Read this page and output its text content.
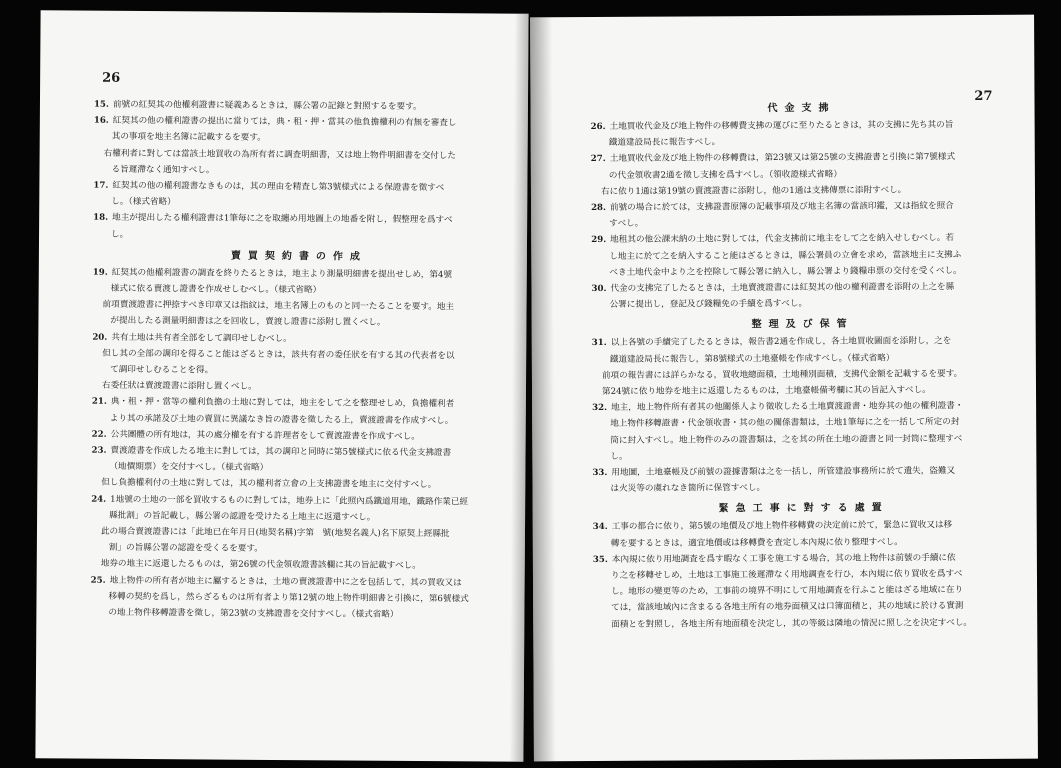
26
15. 前號の紅契其の他權利證書に疑義あるときは，縣公署の記錄と對照するを要す。
16. 紅契其の他の權利證書の提出に當りては，典・租・押・當其の他負擔權利の有無を審査し
其の事項を地主名簿に記載するを要す。
右權利者に對しては當該土地買收の為所有者に調査明細書，又は地上物件明細書を交付した
る旨遲滯なく通知すべし。
17. 紅契其の他の權利證書なきものは，其の理由を精査し第3號様式による保證書を徵すべ
し。（様式省略）
18. 地主が提出したる權利證書は1筆毎に之を取纏め用地圖上の地番を附し，假整理を爲すべ
し。
賣買契約書の作成
19. 紅契其の他權利證書の調査を終りたるときは，地主より測量明細書を提出せしめ，第4號
様式に依る賣渡し證書を作成せしむべし。（様式省略）
前項賣渡證書に押捺すべき印章又は指紋は，地主名簿上のものと同一たることを要す。地主
が提出したる測量明細書は之を回收し，賣渡し證書に添附し置くべし。
20. 共有土地は共有者全部をして調印せしむべし。
但し其の全部の調印を得ること能はざるときは，該共有者の委任狀を有する其の代表者を以
て調印せしむることを得。
右委任狀は賣渡證書に添附し置くべし。
21. 典・租・押・當等の權利負擔の土地に對しては，地主をして之を整理せしめ，負擔權利者
より其の承諾及び土地の賣買に異議なき旨の證書を徵したる上，賣渡證書を作成すべし。
22. 公共團體の所有地は，其の處分權を有する許理者をして賣渡證書を作成すべし。
23. 賣渡證書を作成したる地主に對しては，其の調印と同時に第5號様式に依る代金支拂證書
（地價期票）を交付すべし。（様式省略）
但し負擔權利付の土地に對しては，其の權利者立會の上支拂證書を地主に交付すべし。
24. 1地號の土地の一部を買收するものに對しては，地券上に「此照內爲鐵道用地，鐵路作業已經
縣批割」の旨記載し，縣公署の認證を受けたる上地主に返還すべし。
此の場合賣渡證書には「此地已在年月日(地契名稱)字第　號(地契名義人)名下原契上經縣批
割」の旨縣公署の認證を受くるを要す。
地券の地主に返還したるものは，第26號の代金領收證書該欄に其の旨記載すべし。
25. 地上物件の所有者が地主に屬するときは，土地の賣渡證書中に之を包括して，其の買收又は
移轉の契約を爲し，然らざるものは所有者より第12號の地上物件明細書と引換に，第6號様式
の地上物件移轉證書を徵し，第23號の支拂證書を交付すべし。（様式省略）
27
代金支拂
26. 土地買收代金及び地上物件の移轉費支拂の運びに至りたるときは，其の支拂に先ち其の旨
鐵道建設局長に報告すべし。
27. 土地買收代金及び地上物件の移轉費は，第23號又は第25號の支拂證書と引換に第7號様式
の代金領收書2通を徵し支拂を爲すべし。（領收證様式省略）
右に依り1通は第19號の賣渡證書に添附し，他の1通は支拂傳票に添附すべし。
28. 前號の場合に於ては，支拂證書原簿の記載事項及び地主名簿の當該印鑑，又は指紋を照合
すべし。
29. 地租其の他公課未納の土地に對しては，代金支拂前に地主をして之を納入せしむべし。若
し地主に於て之を納入すること能はざるときは，縣公署員の立會を求め，當該地主に支拂ふ
べき土地代金中より之を控除して縣公署に納入し，縣公署より錢糧串票の交付を受くべし。
30. 代金の支拂完了したるときは，土地賣渡證書には紅契其の他の權利證書を添附の上之を縣
公署に提出し，登記及び錢糧免の手續を爲すべし。
整理及び保管
31. 以上各號の手續完了したるときは，報告書2通を作成し，各土地買收圖面を添附し，之を
鐵道建設局長に報告し，第8號様式の土地臺帳を作成すべし。（様式省略）
前項の報告書には詳らかなる，買收地總面積，土地種別面積，支拂代金額を記載するを要す。
第24號に依り地券を地主に返還したるものは，土地臺帳備考欄に其の旨記入すべし。
32. 地主，地上物件所有者其の他關係人より徵收したる土地賣渡證書・地券其の他の權利證書・
地上物件移轉證書・代金領收書・其の他の關係書類は，土地1筆毎に之を一括して所定の封
筒に封入すべし。地上物件のみの證書類は，之を其の所在土地の證書と同一封筒に整理すべ
し。
33. 用地圖，土地臺帳及び前號の證據書類は之を一括し，所管建設事務所に於て遺失，盜難又
は火災等の虞れなき箇所に保管すべし。
緊急工事に對する處置
34. 工事の都合に依り，第5號の地價及び地上物件移轉費の決定前に於て，緊急に買收又は移
轉を要するときは，適宜地價或は移轉費を査定し本內規に依り整理すべし。
35. 本內規に依り用地調査を爲す暇なく工事を施工する場合，其の地上物件は前號の手續に依
り之を移轉せしめ，土地は工事施工後遲滯なく用地調査を行ひ，本內規に依り買收を爲すべ
し。地形の變更等のため，工事前の境界不明にして用地調査を行ふこと能はざる地域に在り
ては，當該地域內に含まるる各地主所有の地券面積又は口簿面積と，其の地域に於ける實測
面積とを對照し，各地主所有地面積を決定し，其の等級は隣地の情況に照し之を決定すべし。
